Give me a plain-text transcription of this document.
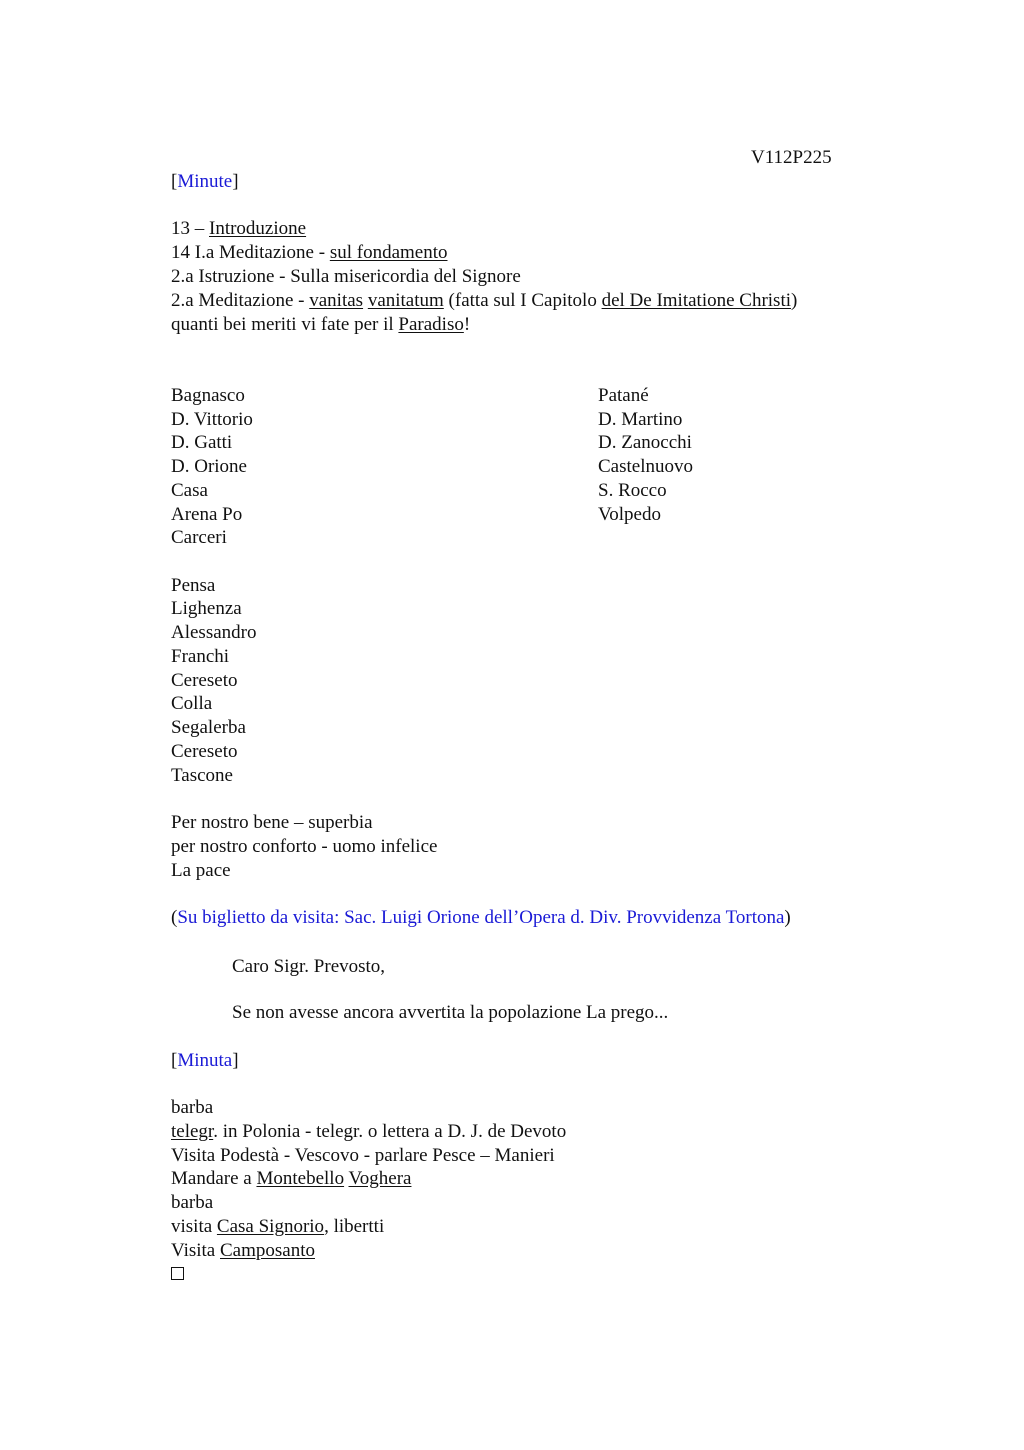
V112P225
[Minute]
13 – Introduzione
14 I.a Meditazione - sul fondamento
2.a Istruzione - Sulla misericordia del Signore
2.a Meditazione - vanitas vanitatum (fatta sul I Capitolo del De Imitatione Christi)
quanti bei meriti vi fate per il Paradiso!
Bagnasco
D. Vittorio
D. Gatti
D. Orione
Casa
Arena Po
Carceri
Patané
D. Martino
D. Zanocchi
Castelnuovo
S. Rocco
Volpedo
Pensa
Lighenza
Alessandro
Franchi
Cereseto
Colla
Segalerba
Cereseto
Tascone
Per nostro bene – superbia
per nostro conforto - uomo infelice
La pace
(Su biglietto da visita: Sac. Luigi Orione dell’Opera d. Div. Provvidenza Tortona)
Caro Sigr. Prevosto,
Se non avesse ancora avvertita la popolazione La prego...
[Minuta]
barba
telegr. in Polonia - telegr. o lettera a D. J. de Devoto
Visita Podestà - Vescovo - parlare Pesce – Manieri
Mandare a Montebello Voghera
barba
visita Casa Signorio, libertti
Visita Camposanto
